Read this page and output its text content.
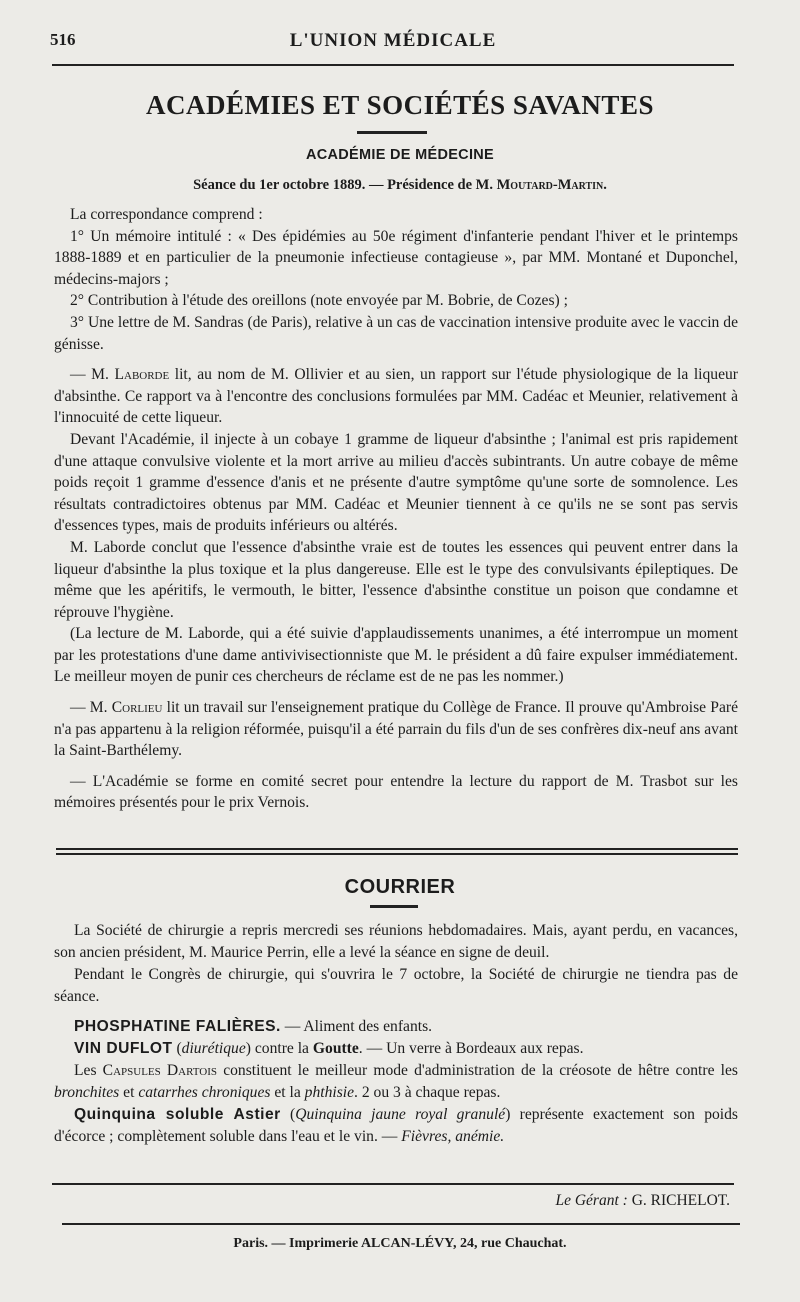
516	L'UNION MÉDICALE
ACADÉMIES ET SOCIÉTÉS SAVANTES
ACADÉMIE DE MÉDECINE
Séance du 1er octobre 1889. — Présidence de M. Moutard-Martin.

La correspondance comprend :

1° Un mémoire intitulé : « Des épidémies au 50e régiment d'infanterie pendant l'hiver et le printemps 1888-1889 et en particulier de la pneumonie infectieuse contagieuse », par MM. Montané et Duponchel, médecins-majors ;

2° Contribution à l'étude des oreillons (note envoyée par M. Bobrie, de Cozes) ;

3° Une lettre de M. Sandras (de Paris), relative à un cas de vaccination intensive produite avec le vaccin de génisse.

— M. Laborde lit, au nom de M. Ollivier et au sien, un rapport sur l'étude physiologique de la liqueur d'absinthe. Ce rapport va à l'encontre des conclusions formulées par MM. Cadéac et Meunier, relativement à l'innocuité de cette liqueur.

Devant l'Académie, il injecte à un cobaye 1 gramme de liqueur d'absinthe ; l'animal est pris rapidement d'une attaque convulsive violente et la mort arrive au milieu d'accès subintrants. Un autre cobaye de même poids reçoit 1 gramme d'essence d'anis et ne présente d'autre symptôme qu'une sorte de somnolence. Les résultats contradictoires obtenus par MM. Cadéac et Meunier tiennent à ce qu'ils ne se sont pas servis d'essences types, mais de produits inférieurs ou altérés.

M. Laborde conclut que l'essence d'absinthe vraie est de toutes les essences qui peuvent entrer dans la liqueur d'absinthe la plus toxique et la plus dangereuse. Elle est le type des convulsivants épileptiques. De même que les apéritifs, le vermouth, le bitter, l'essence d'absinthe constitue un poison que condamne et réprouve l'hygiène.

(La lecture de M. Laborde, qui a été suivie d'applaudissements unanimes, a été interrompue un moment par les protestations d'une dame antivivisectionniste que M. le président a dû faire expulser immédiatement. Le meilleur moyen de punir ces chercheurs de réclame est de ne pas les nommer.)

— M. Corlieu lit un travail sur l'enseignement pratique du Collège de France. Il prouve qu'Ambroise Paré n'a pas appartenu à la religion réformée, puisqu'il a été parrain du fils d'un de ses confrères dix-neuf ans avant la Saint-Barthélemy.

— L'Académie se forme en comité secret pour entendre la lecture du rapport de M. Trasbot sur les mémoires présentés pour le prix Vernois.

COURRIER

La Société de chirurgie a repris mercredi ses réunions hebdomadaires. Mais, ayant perdu, en vacances, son ancien président, M. Maurice Perrin, elle a levé la séance en signe de deuil.

Pendant le Congrès de chirurgie, qui s'ouvrira le 7 octobre, la Société de chirurgie ne tiendra pas de séance.

PHOSPHATINE FALIÈRES. — Aliment des enfants.

VIN DUFLOT (diurétique) contre la Goutte. — Un verre à Bordeaux aux repas.

Les Capsules Dartois constituent le meilleur mode d'administration de la créosote de hêtre contre les bronchites et catarrhes chroniques et la phthisie. 2 ou 3 à chaque repas.

Quinquina soluble Astier (Quinquina jaune royal granulé) représente exactement son poids d'écorce ; complètement soluble dans l'eau et le vin. — Fièvres, anémie.

Le Gérant : G. RICHELOT.
Paris. — Imprimerie ALCAN-LÉVY, 24, rue Chauchat.
